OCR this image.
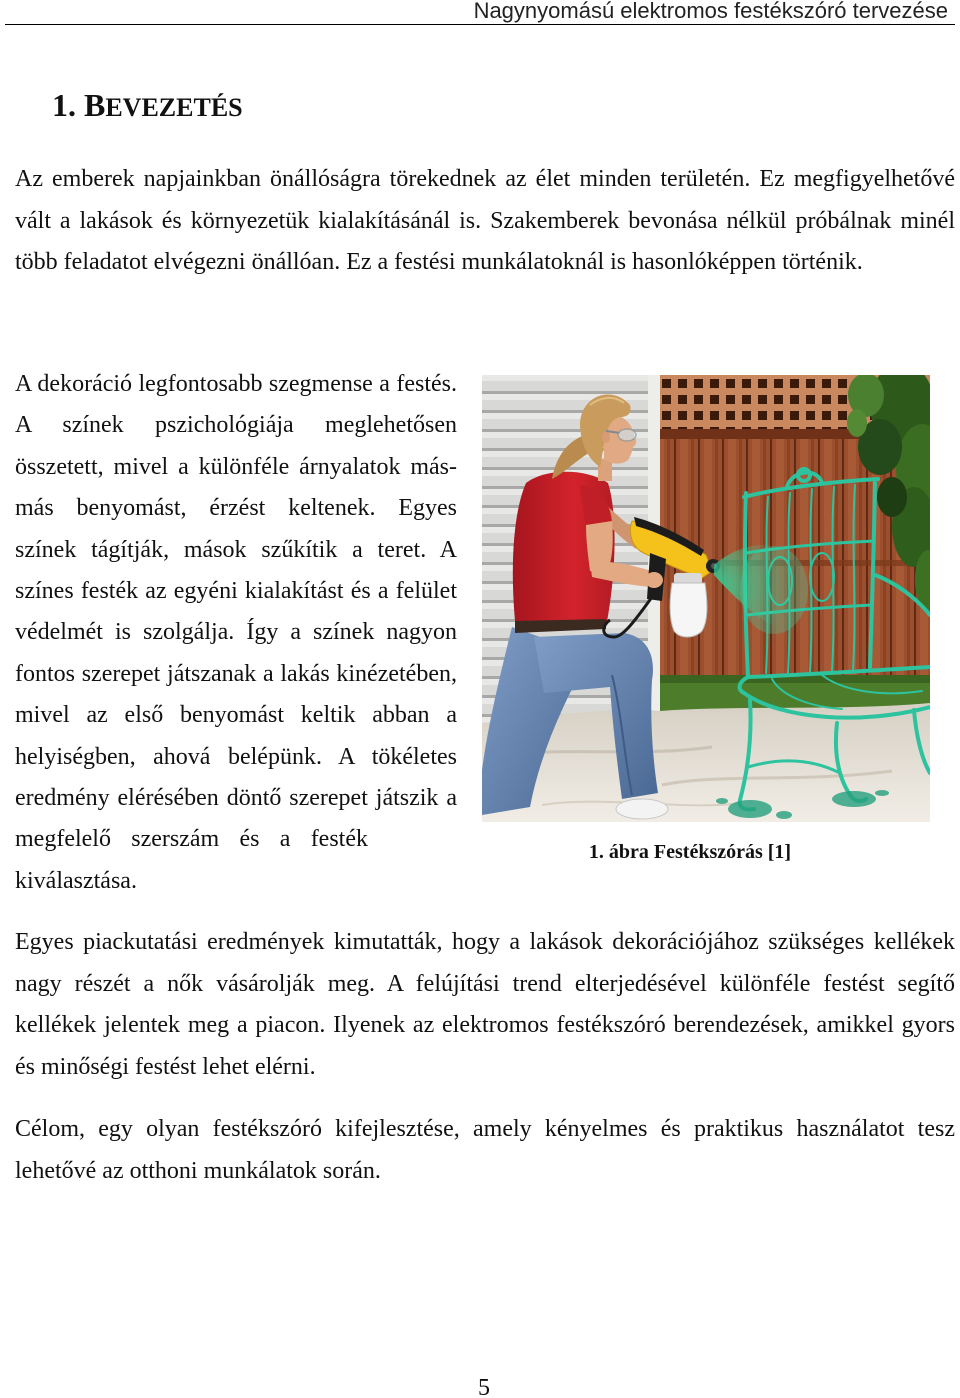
Nagynyomású elektromos festékszóró tervezése
1. BEVEZETÉS
Az emberek napjainkban önállóságra törekednek az élet minden területén. Ez megfigyelhetővé
vált a lakások és környezetük kialakításánál is. Szakemberek bevonása nélkül próbálnak minél
több feladatot elvégezni önállóan. Ez a festési munkálatoknál is hasonlóképpen történik.
A dekoráció legfontosabb szegmense a festés.
A színek pszichológiája meglehetősen
összetett, mivel a különféle árnyalatok más-
más benyomást, érzést keltenek. Egyes
színek tágítják, mások szűkítik a teret. A
színes festék az egyéni kialakítást és a felület
védelmét is szolgálja. Így a színek nagyon
fontos szerepet játszanak a lakás kinézetében,
mivel az első benyomást keltik abban a
helyiségben, ahová belépünk. A tökéletes
eredmény elérésében döntő szerepet játszik a
megfelelő szerszám és a festék
kiválasztása.
1. ábra Festékszórás [1]
Egyes piackutatási eredmények kimutatták, hogy a lakások dekorációjához szükséges kellékek
nagy részét a nők vásárolják meg. A felújítási trend elterjedésével különféle festést segítő
kellékek jelentek meg a piacon. Ilyenek az elektromos festékszóró berendezések, amikkel gyors
és minőségi festést lehet elérni.
Célom, egy olyan festékszóró kifejlesztése, amely kényelmes és praktikus használatot tesz
lehetővé az otthoni munkálatok során.
5
